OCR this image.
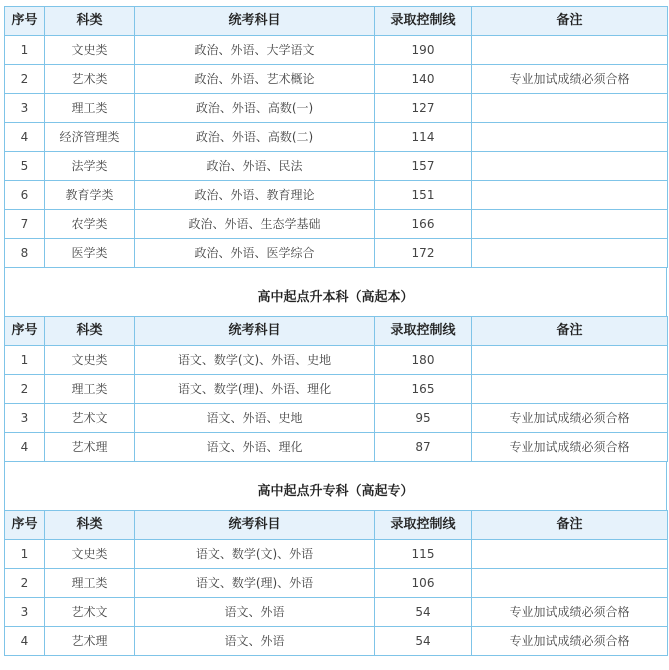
序号	科类	统考科目	录取控制线	备注
1	文史类	政治、外语、大学语文	190	
2	艺术类	政治、外语、艺术概论	140	专业加试成绩必须合格
3	理工类	政治、外语、高数(一)	127	
4	经济管理类	政治、外语、高数(二)	114	
5	法学类	政治、外语、民法	157	
6	教育学类	政治、外语、教育理论	151	
7	农学类	政治、外语、生态学基础	166	
8	医学类	政治、外语、医学综合	172	
高中起点升本科（高起本）
序号	科类	统考科目	录取控制线	备注
1	文史类	语文、数学(文)、外语、史地	180	
2	理工类	语文、数学(理)、外语、理化	165	
3	艺术文	语文、外语、史地	95	专业加试成绩必须合格
4	艺术理	语文、外语、理化	87	专业加试成绩必须合格
高中起点升专科（高起专）
序号	科类	统考科目	录取控制线	备注
1	文史类	语文、数学(文)、外语	115	
2	理工类	语文、数学(理)、外语	106	
3	艺术文	语文、外语	54	专业加试成绩必须合格
4	艺术理	语文、外语	54	专业加试成绩必须合格
